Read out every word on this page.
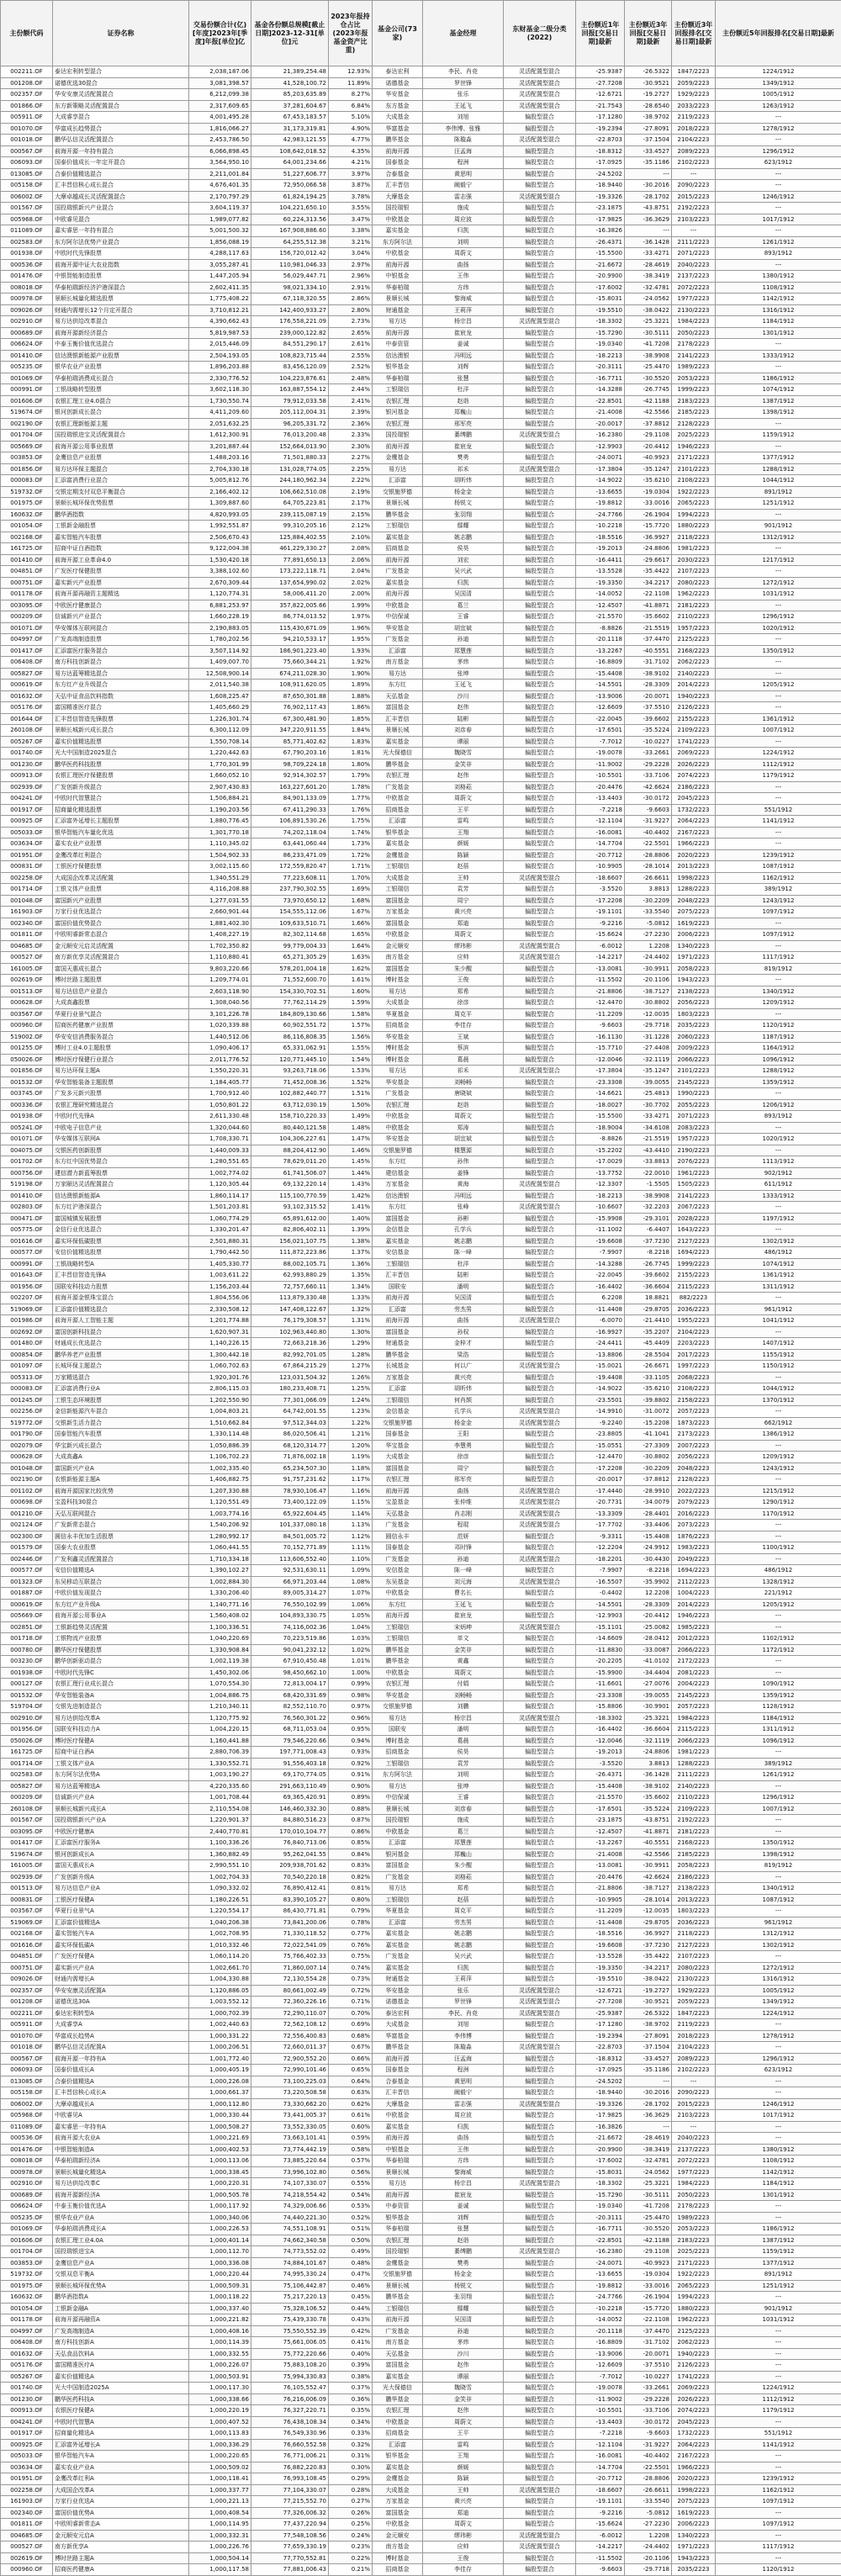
主份额代码	证券名称	交易份额合计(亿)[年度]2023年[季度]年报[单位]亿	基金各份额总规模[截止日期]2023-12-31[单位]元	2023年报持仓占比(2023年报基金资产比重)	基金公司(73家)	基金经理	东财基金二级分类(2022)	主份额近1年回报[交易日期]最新	主份额近3年回报[交易日期]最新	主份额近3年回报排名[交易日期]最新	主份额近5年回报排名[交易日期]最新
002211.OF	泰达宏利转型混合	2,038,187.06	21,389,254.48	12.93%	泰达宏利	李民、肖竞	灵活配置型混合	-25.9387	-26.5322	1847/2223	1224/1912
001208.OF	诺德优选30混合	3,081,398.57	41,528,100.72	11.89%	诺德基金	罗世锋	灵活配置型混合	-27.7208	-30.9521	2059/2223	1349/1912
002357.OF	华安安康灵活配置混合	6,212,099.38	85,203,635.89	8.27%	华安基金	张乐	灵活配置型混合	-12.6721	-19.2727	1929/2223	1005/1912
001866.OF	东方新策略灵活配置混合	2,317,609.65	37,281,604.67	6.84%	东方基金	王延飞	灵活配置型混合	-21.7543	-28.6540	2033/2223	1263/1912
005911.OF	大成睿享混合	4,001,495.28	67,453,183.57	5.10%	大成基金	刘旭	偏股型混合	-17.1280	-38.9702	2119/2223	---
001070.OF	华富成长趋势混合	1,816,066.27	31,173,319.81	4.90%	华富基金	李伟博、张雅	偏股型混合	-19.2394	-27.8091	2018/2223	1278/1912
001018.OF	鹏华弘信灵活配置混合	2,453,786.50	42,983,121.55	4.77%	鹏华基金	陈璇淼	灵活配置型混合	-22.8703	-37.1504	2104/2223	---
000567.OF	前海开源一年持有混合	6,066,898.45	108,642,018.52	4.35%	前海开源	汪孟海	偏股型混合	-18.8312	-33.4527	2089/2223	1296/1912
006093.OF	国泰价值成长一年定开混合	3,564,950.10	64,001,234.66	4.21%	国泰基金	程洲	偏股型混合	-17.0925	-35.1186	2102/2223	623/1912
013085.OF	合泰价值精选混合	2,211,001.84	51,227,606.77	3.97%	合泰基金	黄思明	偏股型混合	-24.5202	---	---	---
005158.OF	汇丰晋信核心成长混合	4,676,401.35	72,950,066.58	3.87%	汇丰晋信	阚毅宁	偏股型混合	-18.9440	-30.2016	2090/2223	---
006002.OF	大摩卓越成长灵活配置混合	2,170,797.29	61,824,194.25	3.78%	大摩基金	雷志强	灵活配置型混合	-19.3326	-28.1702	2015/2223	1246/1912
001567.OF	国投瑞银新兴产业混合	3,604,119.37	104,221,650.10	3.55%	国投瑞银	施成	偏股型混合	-23.1875	-43.8751	2192/2223	---
005968.OF	中欧睿见混合	1,989,077.82	60,224,313.56	3.47%	中欧基金	周应波	偏股型混合	-17.9825	-36.3629	2103/2223	1017/1912
011089.OF	嘉实睿思一年持有混合	5,001,500.32	167,908,886.60	3.38%	嘉实基金	归凯	偏股型混合	-16.3826	---	---	---
002583.OF	东方阿尔法优势产业混合	1,856,088.19	64,255,512.38	3.21%	东方阿尔法	刘明	偏股型混合	-26.4371	-36.1428	2111/2223	1261/1912
001938.OF	中欧时代先锋股票	4,288,117.63	156,720,012.42	3.04%	中欧基金	周蔚文	偏股型混合	-15.5500	-33.4271	2071/2223	893/1912
000536.OF	前海开源中证大农业指数	3,055,287.41	110,981,046.33	2.97%	前海开源	曲扬	偏股型混合	-21.6672	-28.4619	2040/2223	---
001476.OF	中银智能制造股票	1,447,205.94	56,029,447.71	2.96%	中银基金	王伟	偏股型混合	-20.9900	-38.3419	2137/2223	1380/1912
008018.OF	华泰柏瑞新经济沪港深混合	2,602,411.35	98,021,334.10	2.91%	华泰柏瑞	方纬	偏股型混合	-17.6002	-32.4781	2072/2223	1108/1912
000978.OF	景顺长城量化精选股票	1,775,408.22	67,118,320.55	2.86%	景顺长城	黎海威	偏股型混合	-15.8031	-24.0562	1977/2223	1142/1912
009026.OF	财通内需增长12个月定开混合	3,710,812.21	142,400,933.27	2.80%	财通基金	王莉萍	偏股型混合	-19.5510	-38.0422	2130/2223	1316/1912
002910.OF	易方达供给改革混合	4,390,662.43	176,558,221.09	2.73%	易方达	杨宗昌	灵活配置型混合	-18.3302	-25.3221	1984/2223	1184/1912
000689.OF	前海开源新经济混合	5,819,987.53	239,000,122.82	2.65%	前海开源	崔宸龙	偏股型混合	-15.7290	-30.5111	2050/2223	1301/1912
006624.OF	中泰玉衡价值优选混合	2,015,446.09	84,551,290.17	2.61%	中泰资管	姜诚	偏股型混合	-19.0340	-41.7208	2178/2223	---
001410.OF	信达澳银新能源产业股票	2,504,193.05	108,823,715.44	2.55%	信达澳银	冯明远	偏股型混合	-18.2213	-38.9908	2141/2223	1333/1912
005235.OF	银华农业产业股票	1,896,203.88	83,456,120.09	2.52%	银华基金	刘辉	偏股型混合	-20.3111	-25.4470	1989/2223	---
001069.OF	华泰柏瑞消费成长混合	2,330,776.52	104,223,876.61	2.48%	华泰柏瑞	张慧	偏股型混合	-16.7711	-30.5520	2053/2223	1186/1912
000991.OF	工银战略转型股票	3,602,118.30	163,887,554.12	2.44%	工银瑞信	杜洋	偏股型混合	-14.3288	-26.7745	1999/2223	1074/1912
001606.OF	农银汇理工业4.0混合	1,730,550.74	79,912,033.58	2.41%	农银汇理	赵诣	偏股型混合	-22.8501	-42.1188	2183/2223	1387/1912
519674.OF	银河创新成长混合	4,411,209.60	205,112,004.31	2.39%	银河基金	郑巍山	偏股型混合	-21.4008	-42.5566	2185/2223	1398/1912
002190.OF	农银汇理新能源主题	2,051,632.25	96,205,331.72	2.36%	农银汇理	邢军亮	偏股型混合	-20.0017	-37.8812	2128/2223	---
001704.OF	国投瑞银进宝灵活配置混合	1,612,300.91	76,013,200.48	2.33%	国投瑞银	綦缚鹏	灵活配置型混合	-16.2380	-29.1108	2025/2223	1159/1912
005669.OF	前海开源公用事业股票	3,201,887.44	152,664,013.90	2.30%	前海开源	崔宸龙	偏股型混合	-12.9903	-20.4412	1946/2223	---
003853.OF	金鹰信息产业股票	1,488,203.16	71,501,880.33	2.27%	金鹰基金	樊勇	偏股型混合	-24.0071	-40.9923	2171/2223	1377/1912
001856.OF	易方达环保主题混合	2,704,330.18	131,028,774.05	2.25%	易方达	祁禾	灵活配置型混合	-17.3804	-35.1247	2101/2223	1288/1912
000083.OF	汇添富消费行业混合	5,005,812.76	244,180,962.34	2.22%	汇添富	胡昕炜	偏股型混合	-14.9022	-35.6210	2108/2223	1044/1912
519732.OF	交银定期支付双息平衡混合	2,166,402.12	106,662,510.08	2.19%	交银施罗德	杨金金	偏股型混合	-13.6655	-19.0304	1922/2223	891/1912
001975.OF	景顺长城环保优势股票	1,309,887.60	64,705,223.81	2.17%	景顺长城	杨锐文	偏股型混合	-19.8812	-33.0016	2065/2223	1251/1912
160632.OF	鹏华酒指数	4,820,993.05	239,115,087.19	2.15%	鹏华基金	张羽翔	偏股型混合	-24.7766	-26.1904	1994/2223	---
001054.OF	工银新金融股票	1,992,551.87	99,310,205.16	2.12%	工银瑞信	鄢耀	偏股型混合	-10.2218	-15.7720	1880/2223	901/1912
002168.OF	嘉实智能汽车股票	2,506,670.43	125,884,402.55	2.10%	嘉实基金	姚志鹏	偏股型混合	-18.5516	-36.9927	2118/2223	1312/1912
161725.OF	招商中证白酒指数	9,122,004.38	461,229,330.27	2.08%	招商基金	侯昊	偏股型混合	-19.2013	-24.8806	1981/2223	---
001410.OF	前海开源工业革命4.0	1,530,420.18	77,891,650.13	2.06%	前海开源	刘宏	偏股型混合	-16.4411	-29.6617	2030/2223	1217/1912
004851.OF	广发医疗保健股票	3,388,102.60	173,222,118.71	2.04%	广发基金	吴兴武	偏股型混合	-13.5528	-35.4422	2107/2223	---
000751.OF	嘉实新兴产业股票	2,670,309.44	137,654,990.02	2.02%	嘉实基金	归凯	偏股型混合	-19.3350	-34.2217	2080/2223	1272/1912
001178.OF	前海开源再融资主题精选	1,120,774.31	58,006,411.20	2.00%	前海开源	吴国清	偏股型混合	-14.0052	-22.1108	1962/2223	1031/1912
003095.OF	中欧医疗健康混合	6,881,253.97	357,822,005.66	1.99%	中欧基金	葛兰	偏股型混合	-12.4507	-41.8871	2181/2223	---
000209.OF	信诚新兴产业混合	1,660,228.19	86,774,013.52	1.97%	中信保诚	王睿	偏股型混合	-21.5570	-35.6602	2110/2223	1296/1912
001071.OF	华安媒体互联网混合	2,190,883.05	115,430,671.09	1.96%	华安基金	胡宜斌	偏股型混合	-8.8826	-21.5519	1957/2223	1020/1912
004997.OF	广发高端制造股票	1,780,202.56	94,210,533.17	1.95%	广发基金	孙迪	偏股型混合	-20.1118	-37.4470	2125/2223	---
001417.OF	汇添富医疗服务混合	3,507,114.92	186,901,223.40	1.93%	汇添富	郑慧莲	偏股型混合	-13.2267	-40.5551	2168/2223	1350/1912
006408.OF	南方科技创新混合	1,409,007.70	75,660,344.21	1.92%	南方基金	茅炜	偏股型混合	-16.8809	-31.7102	2062/2223	---
005827.OF	易方达蓝筹精选混合	12,508,900.14	674,211,028.30	1.90%	易方达	张坤	偏股型混合	-15.4408	-38.9102	2140/2223	---
000619.OF	东方红产业升级混合	2,011,540.38	108,911,620.05	1.89%	东方红	王延飞	偏股型混合	-14.5501	-28.3309	2014/2223	1205/1912
001632.OF	天弘中证食品饮料指数	1,608,225.47	87,650,301.88	1.88%	天弘基金	沙川	偏股型混合	-13.9006	-20.0071	1940/2223	---
005176.OF	富国精准医疗混合	1,405,660.29	76,902,117.43	1.86%	富国基金	赵伟	偏股型混合	-12.6609	-37.5510	2126/2223	---
001644.OF	汇丰晋信智造先锋股票	1,226,301.74	67,300,481.90	1.85%	汇丰晋信	陆彬	偏股型混合	-22.0045	-39.6602	2155/2223	1361/1912
260108.OF	景顺长城新兴成长混合	6,300,112.09	347,220,911.55	1.84%	景顺长城	刘彦春	偏股型混合	-17.6501	-35.5224	2109/2223	1007/1912
005267.OF	嘉实价值精选股票	1,550,708.14	85,771,402.62	1.83%	嘉实基金	谭丽	偏股型混合	-7.7012	-10.0227	1741/2223	---
001740.OF	光大中国制造2025混合	1,220,442.63	67,790,203.16	1.81%	光大保德信	魏晓雪	偏股型混合	-19.0078	-33.2661	2069/2223	1224/1912
001230.OF	鹏华医药科技股票	1,770,301.99	98,709,224.18	1.80%	鹏华基金	金笑非	偏股型混合	-11.9002	-29.2228	2026/2223	1112/1912
000913.OF	农银汇理医疗保健股票	1,660,052.10	92,914,302.57	1.79%	农银汇理	赵伟	偏股型混合	-10.5501	-33.7106	2074/2223	1179/1912
002939.OF	广发创新升级混合	2,907,430.83	163,227,601.20	1.78%	广发基金	刘格菘	偏股型混合	-20.4476	-42.6624	2186/2223	---
004241.OF	中欧时代智慧混合	1,506,884.21	84,901,133.09	1.77%	中欧基金	周蔚文	偏股型混合	-13.4403	-30.0172	2045/2223	---
001917.OF	招商量化精选股票	1,190,203.56	67,411,290.33	1.76%	招商基金	王平	偏股型混合	-7.2218	-9.6603	1732/2223	551/1912
000925.OF	汇添富外延增长主题股票	1,880,776.45	106,891,530.26	1.75%	汇添富	雷鸣	偏股型混合	-12.1104	-31.9227	2064/2223	1141/1912
005033.OF	银华智能汽车量化优选	1,301,770.18	74,202,118.04	1.74%	银华基金	王翔	偏股型混合	-16.0081	-40.4402	2167/2223	---
003634.OF	嘉实农业产业股票	1,110,345.02	63,441,060.44	1.73%	嘉实基金	颜媛	偏股型混合	-14.7704	-22.5501	1966/2223	---
001951.OF	金鹰改革红利混合	1,504,902.33	86,233,471.09	1.72%	金鹰基金	陈颖	偏股型混合	-20.7712	-28.8806	2020/2223	1239/1912
000831.OF	工银医疗保健股票	3,002,115.60	172,559,820.47	1.71%	工银瑞信	赵蓓	偏股型混合	-10.9905	-28.1014	2013/2223	1087/1912
002258.OF	大成国企改革灵活配置	1,340,551.29	77,223,608.11	1.70%	大成基金	王帅	灵活配置型混合	-18.6607	-26.6611	1998/2223	1162/1912
001714.OF	工银文体产业股票	4,116,208.88	237,790,302.55	1.69%	工银瑞信	袁芳	偏股型混合	-3.5520	3.8813	1288/2223	389/1912
001048.OF	富国新兴产业股票	1,277,031.55	73,970,650.12	1.68%	富国基金	周宁	偏股型混合	-17.2208	-30.2209	2048/2223	1243/1912
161903.OF	万家行业优选混合	2,660,901.44	154,555,112.06	1.67%	万家基金	黄兴亮	偏股型混合	-19.1101	-33.5540	2075/2223	1097/1912
002340.OF	富国价值优势混合	1,881,402.30	109,633,510.71	1.66%	富国基金	郑迪	偏股型混合	-9.2216	-5.0812	1619/2223	---
001811.OF	中欧明睿新常态混合	1,408,227.19	82,302,114.68	1.65%	中欧基金	周蔚文	偏股型混合	-15.6624	-27.2230	2006/2223	1097/1912
004685.OF	金元顺安元启灵活配置	1,702,350.82	99,779,004.33	1.64%	金元顺安	缪玮彬	灵活配置型混合	-6.0012	1.2208	1340/2223	---
000527.OF	南方新优享灵活配置混合	1,110,880.41	65,271,305.29	1.63%	南方基金	应帅	灵活配置型混合	-14.2217	-24.4402	1971/2223	1117/1912
161005.OF	富国天惠成长混合	9,803,220.66	578,201,004.18	1.62%	富国基金	朱少醒	偏股型混合	-13.0081	-30.9911	2058/2223	819/1912
002619.OF	博时丝路主题股票	1,209,774.01	71,552,600.70	1.61%	博时基金	王俊	偏股型混合	-11.5502	-20.1106	1943/2223	---
001513.OF	易方达信息产业混合	2,603,118.90	154,330,702.51	1.60%	易方达	郑希	偏股型混合	-21.8806	-38.7127	2138/2223	1340/1912
000628.OF	大成高鑫股票	1,308,040.56	77,762,114.29	1.59%	大成基金	徐彦	偏股型混合	-12.4470	-30.8802	2056/2223	1209/1912
003567.OF	华夏行业景气混合	3,101,226.78	184,809,130.66	1.58%	华夏基金	周克平	偏股型混合	-11.2209	-12.0035	1803/2223	---
000960.OF	招商医药健康产业股票	1,020,339.88	60,902,551.72	1.57%	招商基金	李佳存	偏股型混合	-9.6603	-29.7718	2035/2223	1120/1912
519002.OF	华安安信消费服务混合	1,440,512.06	86,116,808.35	1.56%	华安基金	王斌	偏股型混合	-16.1130	-31.1228	2060/2223	1187/1912
001255.OF	博时工业4.0主题股票	1,090,406.17	65,331,062.91	1.55%	博时基金	蔡滨	偏股型混合	-15.7710	-27.4408	2009/2223	1164/1912
050026.OF	博时医疗保健行业混合	2,011,776.52	120,771,445.10	1.54%	博时基金	葛晨	偏股型混合	-12.0046	-32.1119	2066/2223	1096/1912
001856.OF	易方达环保主题A	1,550,220.31	93,263,718.06	1.53%	易方达	祁禾	灵活配置型混合	-17.3804	-35.1247	2101/2223	1288/1912
001532.OF	华安智能装备主题股票	1,184,405.77	71,452,008.36	1.52%	华安基金	刘畅畅	偏股型混合	-23.3308	-39.0055	2145/2223	1359/1912
003745.OF	广发多元新兴股票	1,700,912.40	102,882,440.77	1.51%	广发基金	唐晓斌	偏股型混合	-14.6621	-25.4813	1990/2223	---
000336.OF	农银汇理研究精选混合	1,050,801.22	63,712,030.19	1.50%	农银汇理	赵诣	偏股型混合	-18.0027	-30.7702	2055/2223	1206/1912
001938.OF	中欧时代先锋A	2,611,330.48	158,710,220.33	1.49%	中欧基金	周蔚文	偏股型混合	-15.5500	-33.4271	2071/2223	893/1912
005241.OF	中欧电子信息产业	1,320,044.60	80,440,121.58	1.48%	中欧基金	郑涛	偏股型混合	-18.9004	-34.6108	2083/2223	---
001071.OF	华安媒体互联网A	1,708,330.71	104,306,227.61	1.47%	华安基金	胡宜斌	偏股型混合	-8.8826	-21.5519	1957/2223	1020/1912
004075.OF	交银医药创新股票	1,440,009.33	88,204,412.90	1.46%	交银施罗德	楼慧源	偏股型混合	-15.2202	-43.4410	2190/2223	---
001702.OF	东方红中国优势混合	1,280,551.65	78,629,011.20	1.45%	东方红	孙伟	偏股型混合	-17.0029	-33.8813	2076/2223	1113/1912
000756.OF	建信潜力新蓝筹股票	1,002,774.02	61,741,506.07	1.44%	建信基金	姜锋	偏股型混合	-13.7752	-22.0010	1961/2223	902/1912
519198.OF	万家颐达灵活配置混合	1,120,305.44	69,132,220.14	1.43%	万家基金	黄海	灵活配置型混合	-12.3307	-1.5505	1505/2223	611/1912
001410.OF	信达澳银新能源A	1,860,114.17	115,100,770.59	1.42%	信达澳银	冯明远	偏股型混合	-18.2213	-38.9908	2141/2223	1333/1912
002803.OF	东方红沪港深混合	1,501,203.81	93,102,315.52	1.41%	东方红	张峰	灵活配置型混合	-10.6607	-32.2203	2067/2223	---
000471.OF	富国城镇发展股票	1,060,774.29	65,891,612.00	1.40%	富国基金	孙彬	偏股型混合	-15.9908	-29.3101	2028/2223	1197/1912
005775.OF	金信行业优选混合	1,330,201.47	82,806,402.11	1.39%	金信基金	孔学兵	偏股型混合	-11.1002	-6.4407	1643/2223	---
001616.OF	嘉实环保低碳股票	2,501,880.31	156,021,107.75	1.38%	嘉实基金	姚志鹏	偏股型混合	-19.6608	-37.7230	2127/2223	1302/1912
000577.OF	安信价值精选股票	1,790,442.50	111,872,223.86	1.37%	安信基金	陈一峰	偏股型混合	-7.9907	-8.2218	1694/2223	486/1912
000991.OF	工银战略转型A	1,405,330.77	88,002,105.71	1.36%	工银瑞信	杜洋	偏股型混合	-14.3288	-26.7745	1999/2223	1074/1912
001643.OF	汇丰晋信智造先锋A	1,003,611.22	62,993,880.29	1.35%	汇丰晋信	陆彬	偏股型混合	-22.0045	-39.6602	2155/2223	1361/1912
001956.OF	国联安科技动力股票	1,156,203.44	72,757,660.11	1.34%	国联安	潘明	偏股型混合	-16.4402	-36.6604	2115/2223	1311/1912
002207.OF	前海开源金银珠宝混合	1,804,556.06	113,879,330.48	1.33%	前海开源	吴国清	偏股型混合	6.2208	18.8821	882/2223	---
519069.OF	汇添富价值精选混合	2,330,508.12	147,408,122.67	1.32%	汇添富	劳杰男	偏股型混合	-11.4408	-29.8705	2036/2223	961/1912
001986.OF	前海开源人工智能主题	1,201,774.88	76,179,308.57	1.31%	前海开源	曲扬	灵活配置型混合	-6.0070	-21.4410	1955/2223	1041/1912
002692.OF	富国创新科技混合	1,620,907.31	102,963,440.80	1.30%	富国基金	孙权	偏股型混合	-16.9927	-35.2207	2104/2223	---
001480.OF	财通成长优选混合	1,140,226.15	72,663,218.36	1.29%	财通基金	金梓才	偏股型混合	-24.4411	-45.4409	2203/2223	1407/1912
000854.OF	鹏华养老产业股票	1,300,442.18	82,992,701.05	1.28%	鹏华基金	梁浩	偏股型混合	-13.8806	-28.5504	2017/2223	1155/1912
001097.OF	长城环保主题混合	1,060,702.63	67,864,215.29	1.27%	长城基金	何以广	灵活配置型混合	-15.0021	-26.6671	1997/2223	1150/1912
005313.OF	万家精选混合	1,920,301.76	123,031,504.32	1.26%	万家基金	黄兴亮	偏股型混合	-19.4408	-33.1105	2068/2223	---
000083.OF	汇添富消费行业A	2,806,115.03	180,233,408.71	1.25%	汇添富	胡昕炜	偏股型混合	-14.9022	-35.6210	2108/2223	1044/1912
001245.OF	工银生态环境股票	1,202,550.90	77,301,066.09	1.24%	工银瑞信	何肖颉	偏股型混合	-23.5501	-39.8802	2158/2223	1370/1912
002256.OF	金信新能源汽车混合	1,004,803.21	64,742,001.55	1.23%	金信基金	孔学兵	灵活配置型混合	-14.9910	-31.0072	2057/2223	---
519772.OF	交银新生活力混合	1,510,662.84	97,512,344.03	1.22%	交银施罗德	杨金金	灵活配置型混合	-9.2240	-15.2208	1873/2223	662/1912
001790.OF	国泰智能汽车股票	1,330,114.48	86,020,506.41	1.21%	国泰基金	王阳	偏股型混合	-23.8805	-41.1041	2173/2223	1386/1912
002079.OF	华宝新兴成长混合	1,050,886.39	68,120,314.77	1.20%	华宝基金	李慧勇	偏股型混合	-15.0551	-27.3309	2007/2223	---
000628.OF	大成高鑫A	1,106,702.23	71,876,002.18	1.19%	大成基金	徐彦	偏股型混合	-12.4470	-30.8802	2056/2223	1209/1912
001048.OF	富国新兴产业A	1,002,335.40	65,234,507.30	1.18%	富国基金	周宁	偏股型混合	-17.2208	-30.2209	2048/2223	1243/1912
002190.OF	农银新能源主题A	1,406,882.75	91,757,231.62	1.17%	农银汇理	邢军亮	偏股型混合	-20.0017	-37.8812	2128/2223	---
001102.OF	前海开源国家比较优势	1,207,330.88	78,930,106.47	1.16%	前海开源	曲扬	灵活配置型混合	-17.4440	-28.9910	2022/2223	1215/1912
000698.OF	宝盈科技30混合	1,120,551.49	73,400,122.09	1.15%	宝盈基金	张仲维	灵活配置型混合	-20.7731	-34.0079	2079/2223	1290/1912
001210.OF	天弘互联网混合	1,003,774.16	65,922,604.45	1.14%	天弘基金	肖志刚	灵活配置型混合	-13.3309	-28.4401	2016/2223	1170/1912
002124.OF	广发新常态混合	1,540,206.92	101,337,080.18	1.13%	广发基金	程琨	灵活配置型混合	-17.7702	-33.4406	2073/2223	---
002300.OF	圆信永丰优加生活股票	1,280,992.17	84,501,005.72	1.12%	圆信永丰	范妍	偏股型混合	-9.3311	-15.4408	1876/2223	---
001579.OF	国泰大农业股票	1,060,441.55	70,152,771.89	1.11%	国泰基金	邓时锋	偏股型混合	-12.2204	-24.9912	1983/2223	1100/1912
002446.OF	广发利鑫灵活配置混合	1,710,334.18	113,606,552.40	1.10%	广发基金	孙迪	灵活配置型混合	-18.2201	-30.4430	2049/2223	---
000577.OF	安信价值精选A	1,390,102.27	92,531,630.11	1.09%	安信基金	陈一峰	偏股型混合	-7.9907	-8.2218	1694/2223	486/1912
001323.OF	东吴移动互联混合	1,002,884.30	66,971,203.44	1.08%	东吴基金	刘元海	灵活配置型混合	-16.5507	-35.9902	2112/2223	1328/1912
001887.OF	中欧价值发现混合	1,330,206.40	89,005,314.27	1.07%	中欧基金	曹名长	偏股型混合	-0.4402	12.2208	1004/2223	221/1912
000619.OF	东方红产业升级A	1,140,771.16	76,550,102.99	1.06%	东方红	王延飞	偏股型混合	-14.5501	-28.3309	2014/2223	1205/1912
005669.OF	前海开源公用事业A	1,560,408.02	104,893,330.75	1.05%	前海开源	崔宸龙	偏股型混合	-12.9903	-20.4412	1946/2223	---
002851.OF	工银新趋势灵活配置	1,100,336.51	74,116,002.36	1.04%	工银瑞信	宋炳珅	灵活配置型混合	-15.1101	-25.0082	1985/2223	---
001718.OF	工银物流产业股票	1,040,220.69	70,223,519.86	1.03%	工银瑞信	单文	偏股型混合	-14.6609	-28.0412	2012/2223	1102/1912
000780.OF	鹏华医疗保健股票	1,330,908.84	90,041,232.12	1.02%	鹏华基金	金笑非	偏股型混合	-11.8830	-33.0087	2066/2223	1172/1912
003230.OF	鹏华创新驱动混合	1,002,119.38	67,910,450.48	1.01%	鹏华基金	黄鑫	偏股型混合	-20.2205	-41.0102	2172/2223	---
001938.OF	中欧时代先锋C	1,450,302.06	98,450,662.10	1.00%	中欧基金	周蔚文	偏股型混合	-15.9900	-34.4404	2081/2223	---
000127.OF	农银汇理行业成长混合	1,070,554.30	72,813,004.17	0.99%	农银汇理	付娟	偏股型混合	-11.6601	-27.0076	2004/2223	1090/1912
001532.OF	华安智能装备A	1,004,886.75	68,420,331.69	0.98%	华安基金	刘畅畅	偏股型混合	-23.3308	-39.0055	2145/2223	1359/1912
519704.OF	交银先进制造混合	1,210,340.11	82,552,110.70	0.97%	交银施罗德	刘鹏	偏股型混合	-15.8806	-30.9901	2057/2223	1128/1912
002910.OF	易方达供给改革A	1,120,775.92	76,560,301.22	0.96%	易方达	杨宗昌	灵活配置型混合	-18.3302	-25.3221	1984/2223	1184/1912
001956.OF	国联安科技动力A	1,004,220.15	68,711,053.04	0.95%	国联安	潘明	偏股型混合	-16.4402	-36.6604	2115/2223	1311/1912
050026.OF	博时医疗保健A	1,160,441.88	79,546,220.66	0.94%	博时基金	葛晨	偏股型混合	-12.0046	-32.1119	2066/2223	1096/1912
161725.OF	招商中证白酒A	2,880,706.39	197,771,008.43	0.93%	招商基金	侯昊	偏股型混合	-19.2013	-24.8806	1981/2223	---
001714.OF	工银文体产业A	1,330,552.71	91,556,403.18	0.92%	工银瑞信	袁芳	偏股型混合	-3.5520	3.8813	1288/2223	389/1912
002583.OF	东方阿尔法优势A	1,003,190.27	69,170,774.05	0.91%	东方阿尔法	刘明	偏股型混合	-26.4371	-36.1428	2111/2223	1261/1912
005827.OF	易方达蓝筹精选A	4,220,335.60	291,663,110.49	0.90%	易方达	张坤	偏股型混合	-15.4408	-38.9102	2140/2223	---
000209.OF	信诚新兴产业A	1,001,708.44	69,365,420.91	0.89%	中信保诚	王睿	偏股型混合	-21.5570	-35.6602	2110/2223	1296/1912
260108.OF	景顺长城新兴成长A	2,110,554.08	146,460,332.30	0.88%	景顺长城	刘彦春	偏股型混合	-17.6501	-35.5224	2109/2223	1007/1912
001567.OF	国投瑞银新兴产业A	1,220,901.37	84,880,516.23	0.87%	国投瑞银	施成	偏股型混合	-23.1875	-43.8751	2192/2223	---
003095.OF	中欧医疗健康A	2,440,770.81	170,010,104.77	0.86%	中欧基金	葛兰	偏股型混合	-12.4507	-41.8871	2181/2223	---
001417.OF	汇添富医疗服务A	1,100,336.26	76,840,713.06	0.85%	汇添富	郑慧莲	偏股型混合	-13.2267	-40.5551	2168/2223	1350/1912
519674.OF	银河创新成长A	1,360,882.49	95,262,041.55	0.84%	银河基金	郑巍山	偏股型混合	-21.4008	-42.5566	2185/2223	1398/1912
161005.OF	富国天惠成长A	2,990,551.10	209,938,701.62	0.83%	富国基金	朱少醒	偏股型混合	-13.0081	-30.9911	2058/2223	819/1912
002939.OF	广发创新升级A	1,002,704.33	70,540,220.18	0.82%	广发基金	刘格菘	偏股型混合	-20.4476	-42.6624	2186/2223	---
001513.OF	易方达信息产业A	1,090,332.02	76,890,412.41	0.81%	易方达	郑希	偏股型混合	-21.8806	-38.7127	2138/2223	1340/1912
000831.OF	工银医疗保健A	1,180,226.51	83,390,105.27	0.80%	工银瑞信	赵蓓	偏股型混合	-10.9905	-28.1014	2013/2223	1087/1912
003567.OF	华夏行业景气A	1,220,554.17	86,430,771.81	0.79%	华夏基金	周克平	偏股型混合	-11.2209	-12.0035	1803/2223	---
519069.OF	汇添富价值精选A	1,040,206.38	73,841,200.06	0.78%	汇添富	劳杰男	偏股型混合	-11.4408	-29.8705	2036/2223	961/1912
002168.OF	嘉实智能汽车A	1,002,708.95	71,330,118.52	0.77%	嘉实基金	姚志鹏	偏股型混合	-18.5516	-36.9927	2118/2223	1312/1912
001616.OF	嘉实环保低碳A	1,010,332.46	72,022,541.09	0.76%	嘉实基金	姚志鹏	偏股型混合	-19.6608	-37.7230	2127/2223	1302/1912
004851.OF	广发医疗保健A	1,060,114.20	75,766,402.33	0.75%	广发基金	吴兴武	偏股型混合	-13.5528	-35.4422	2107/2223	---
000751.OF	嘉实新兴产业A	1,002,661.70	71,860,007.14	0.74%	嘉实基金	归凯	偏股型混合	-19.3350	-34.2217	2080/2223	1272/1912
009026.OF	财通内需增长A	1,004,330.88	72,130,554.28	0.73%	财通基金	王莉萍	偏股型混合	-19.5510	-38.0422	2130/2223	1316/1912
002357.OF	华安安康灵活配置A	1,120,886.05	80,661,002.49	0.72%	华安基金	张乐	灵活配置型混合	-12.6721	-19.2727	1929/2223	1005/1912
001208.OF	诺德优选30A	1,003,552.12	72,360,226.16	0.71%	诺德基金	罗世锋	灵活配置型混合	-27.7208	-30.9521	2059/2223	1349/1912
002211.OF	泰达宏利转型A	1,000,702.39	72,290,110.07	0.70%	泰达宏利	李民、肖竞	灵活配置型混合	-25.9387	-26.5322	1847/2223	1224/1912
005911.OF	大成睿享A	1,002,440.63	72,562,108.12	0.69%	大成基金	刘旭	偏股型混合	-17.1280	-38.9702	2119/2223	---
001070.OF	华富成长趋势A	1,000,331.22	72,556,400.83	0.68%	华富基金	李伟博	偏股型混合	-19.2394	-27.8091	2018/2223	1278/1912
001018.OF	鹏华弘信灵活配置A	1,000,206.51	72,660,011.37	0.67%	鹏华基金	陈璇淼	灵活配置型混合	-22.8703	-37.1504	2104/2223	---
000567.OF	前海开源一年持有A	1,001,772.40	72,900,552.20	0.66%	前海开源	汪孟海	偏股型混合	-18.8312	-33.4527	2089/2223	1296/1912
006093.OF	国泰价值成长A	1,000,405.19	72,990,101.46	0.65%	国泰基金	程洲	偏股型混合	-17.0925	-35.1186	2102/2223	623/1912
013085.OF	合泰价值精选A	1,000,226.08	73,100,225.03	0.64%	合泰基金	黄思明	偏股型混合	-24.5202	---	---	---
005158.OF	汇丰晋信核心成长A	1,000,661.37	73,220,508.58	0.63%	汇丰晋信	阚毅宁	偏股型混合	-18.9440	-30.2016	2090/2223	---
006002.OF	大摩卓越成长A	1,000,112.80	73,330,662.20	0.62%	大摩基金	雷志强	灵活配置型混合	-19.3326	-28.1702	2015/2223	1246/1912
005968.OF	中欧睿见A	1,000,330.44	73,441,005.37	0.61%	中欧基金	周应波	偏股型混合	-17.9825	-36.3629	2103/2223	1017/1912
011089.OF	嘉实睿思一年持有A	1,000,508.27	73,552,330.05	0.60%	嘉实基金	归凯	偏股型混合	-16.3826	---	---	---
000536.OF	前海开源大农业A	1,000,221.69	73,663,101.41	0.59%	前海开源	曲扬	偏股型混合	-21.6672	-28.4619	2040/2223	---
001476.OF	中银智能制造A	1,000,402.53	73,774,442.19	0.58%	中银基金	王伟	偏股型混合	-20.9900	-38.3419	2137/2223	1380/1912
008018.OF	华泰柏瑞新经济A	1,000,113.06	73,885,220.64	0.57%	华泰柏瑞	方纬	偏股型混合	-17.6002	-32.4781	2072/2223	1108/1912
000978.OF	景顺长城量化精选A	1,000,338.45	73,996,102.80	0.56%	景顺长城	黎海威	偏股型混合	-15.8031	-24.0562	1977/2223	1142/1912
002910.OF	易方达供给改革C	1,000,220.31	74,107,330.07	0.55%	易方达	杨宗昌	灵活配置型混合	-18.3302	-25.3221	1984/2223	1184/1912
000689.OF	前海开源新经济A	1,000,505.78	74,218,554.42	0.54%	前海开源	崔宸龙	偏股型混合	-15.7290	-30.5111	2050/2223	1301/1912
006624.OF	中泰玉衡价值优选A	1,000,117.92	74,329,006.66	0.53%	中泰资管	姜诚	偏股型混合	-19.0340	-41.7208	2178/2223	---
005235.OF	银华农业产业A	1,000,340.06	74,440,221.30	0.52%	银华基金	刘辉	偏股型混合	-20.3111	-25.4470	1989/2223	---
001069.OF	华泰柏瑞消费成长A	1,000,226.53	74,551,108.91	0.51%	华泰柏瑞	张慧	偏股型混合	-16.7711	-30.5520	2053/2223	1186/1912
001606.OF	农银汇理工业4.0A	1,000,401.14	74,662,340.58	0.50%	农银汇理	赵诣	偏股型混合	-22.8501	-42.1188	2183/2223	1387/1912
001704.OF	国投瑞银进宝A	1,000,112.70	74,773,552.02	0.49%	国投瑞银	綦缚鹏	灵活配置型混合	-16.2380	-29.1108	2025/2223	1159/1912
003853.OF	金鹰信息产业A	1,000,336.08	74,884,101.67	0.48%	金鹰基金	樊勇	偏股型混合	-24.0071	-40.9923	2171/2223	1377/1912
519732.OF	交银双息平衡A	1,000,220.44	74,995,330.24	0.47%	交银施罗德	杨金金	偏股型混合	-13.6655	-19.0304	1922/2223	891/1912
001975.OF	景顺长城环保优势A	1,000,509.31	75,106,442.87	0.46%	景顺长城	杨锐文	偏股型混合	-19.8812	-33.0016	2065/2223	1251/1912
160632.OF	鹏华酒指数A	1,000,118.22	75,217,220.13	0.45%	鹏华基金	张羽翔	偏股型混合	-24.7766	-26.1904	1994/2223	---
001054.OF	工银新金融A	1,000,337.40	75,328,106.52	0.44%	工银瑞信	鄢耀	偏股型混合	-10.2218	-15.7720	1880/2223	901/1912
001178.OF	前海开源再融资A	1,000,221.82	75,439,330.78	0.43%	前海开源	吴国清	偏股型混合	-14.0052	-22.1108	1962/2223	1031/1912
004997.OF	广发高端制造A	1,000,408.16	75,550,552.39	0.42%	广发基金	孙迪	偏股型混合	-20.1118	-37.4470	2125/2223	---
006408.OF	南方科技创新A	1,000,114.39	75,661,006.05	0.41%	南方基金	茅炜	偏股型混合	-16.8809	-31.7102	2062/2223	---
001632.OF	天弘食品饮料A	1,000,332.55	75,772,220.66	0.40%	天弘基金	沙川	偏股型混合	-13.9006	-20.0071	1940/2223	---
005176.OF	富国精准医疗A	1,000,226.07	75,883,108.20	0.39%	富国基金	赵伟	偏股型混合	-12.6609	-37.5510	2126/2223	---
005267.OF	嘉实价值精选A	1,000,503.91	75,994,330.83	0.38%	嘉实基金	谭丽	偏股型混合	-7.7012	-10.0227	1741/2223	---
001740.OF	光大中国制造2025A	1,000,117.30	76,105,552.47	0.37%	光大保德信	魏晓雪	偏股型混合	-19.0078	-33.2661	2069/2223	1224/1912
001230.OF	鹏华医药科技A	1,000,338.66	76,216,006.09	0.36%	鹏华基金	金笑非	偏股型混合	-11.9002	-29.2228	2026/2223	1112/1912
000913.OF	农银医疗保健A	1,000,220.19	76,327,220.71	0.35%	农银汇理	赵伟	偏股型混合	-10.5501	-33.7106	2074/2223	1179/1912
004241.OF	中欧时代智慧A	1,000,407.52	76,438,108.34	0.34%	中欧基金	周蔚文	偏股型混合	-13.4403	-30.0172	2045/2223	---
001917.OF	招商量化精选A	1,000,113.83	76,549,330.96	0.33%	招商基金	王平	偏股型混合	-7.2218	-9.6603	1732/2223	551/1912
000925.OF	汇添富外延增长A	1,000,336.29	76,660,552.58	0.32%	汇添富	雷鸣	偏股型混合	-12.1104	-31.9227	2064/2223	1141/1912
005033.OF	银华智能汽车A	1,000,220.65	76,771,006.21	0.31%	银华基金	王翔	偏股型混合	-16.0081	-40.4402	2167/2223	---
003634.OF	嘉实农业产业A	1,000,509.02	76,882,220.83	0.30%	嘉实基金	颜媛	偏股型混合	-14.7704	-22.5501	1966/2223	---
001951.OF	金鹰改革红利A	1,000,118.41	76,993,108.45	0.29%	金鹰基金	陈颖	偏股型混合	-20.7712	-28.8806	2020/2223	1239/1912
002258.OF	大成国企改革A	1,000,337.77	77,104,330.07	0.28%	大成基金	王帅	灵活配置型混合	-18.6607	-26.6611	1998/2223	1162/1912
161903.OF	万家行业优选A	1,000,221.13	77,215,552.70	0.27%	万家基金	黄兴亮	偏股型混合	-19.1101	-33.5540	2075/2223	1097/1912
002340.OF	富国价值优势A	1,000,408.54	77,326,006.32	0.26%	富国基金	郑迪	偏股型混合	-9.2216	-5.0812	1619/2223	---
001811.OF	中欧明睿新常态A	1,000,114.95	77,437,220.94	0.25%	中欧基金	周蔚文	偏股型混合	-15.6624	-27.2230	2006/2223	1097/1912
004685.OF	金元顺安元启A	1,000,332.31	77,548,108.56	0.24%	金元顺安	缪玮彬	灵活配置型混合	-6.0012	1.2208	1340/2223	---
000527.OF	南方新优享A	1,000,226.76	77,659,330.19	0.23%	南方基金	应帅	灵活配置型混合	-14.2217	-24.4402	1971/2223	1117/1912
002619.OF	博时丝路主题A	1,000,504.14	77,770,552.81	0.22%	博时基金	王俊	偏股型混合	-11.5502	-20.1106	1943/2223	---
000960.OF	招商医药健康A	1,000,117.58	77,881,006.43	0.21%	招商基金	李佳存	偏股型混合	-9.6603	-29.7718	2035/2223	1120/1912
